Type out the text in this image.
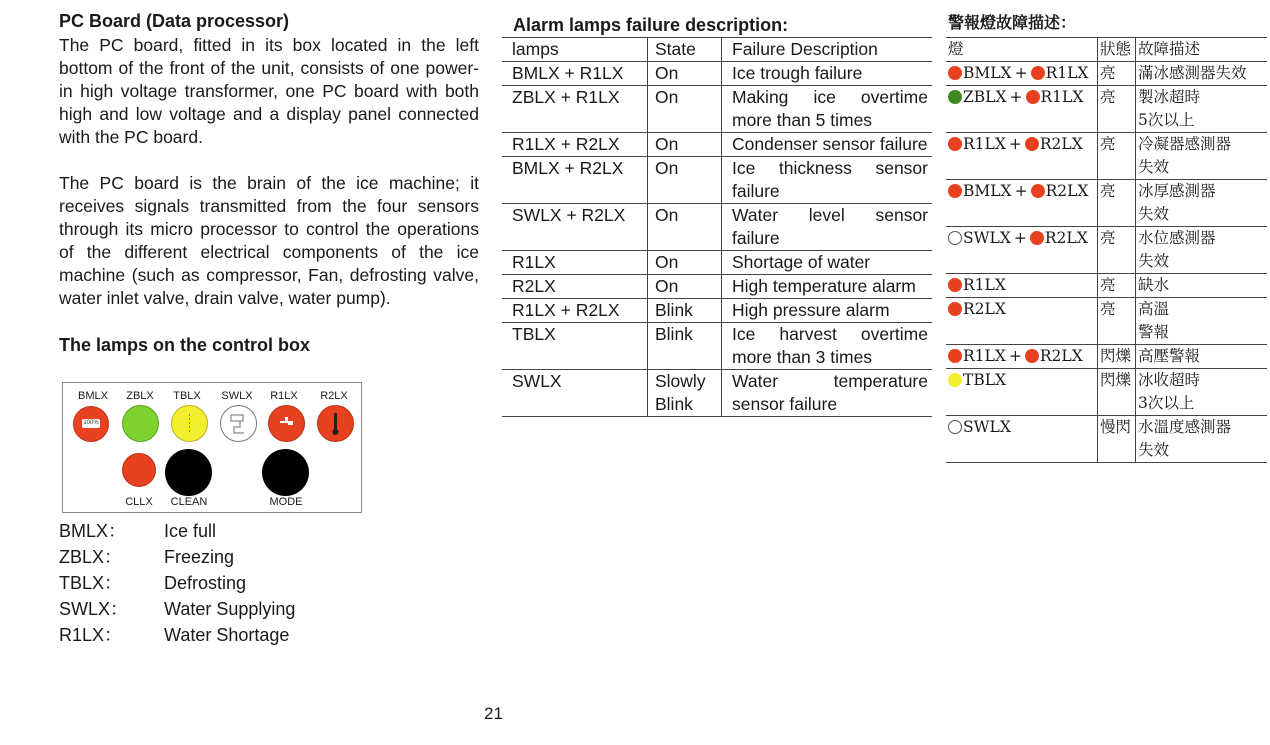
PC Board (Data processor)

The PC board, fitted in its box located in the left bottom of the front of the unit, consists of one power-in high voltage transformer, one PC board with both high and low voltage and a display panel connected with the PC board.

The PC board is the brain of the ice machine; it receives signals transmitted from the four sensors through its micro processor to control the operations of the different electrical components of the ice machine (such as compressor, Fan, defrosting valve, water inlet valve, drain valve, water pump).

The lamps on the control box
BMLX	ZBLX	TBLX	SWLX	R1LX	R2LX
100%
CLLX	CLEAN	MODE
BMLX：	Ice full
ZBLX：	Freezing
TBLX：	Defrosting
SWLX：	Water Supplying
R1LX：	Water Shortage
21
Alarm lamps failure description:
lamps	State	Failure Description
BMLX + R1LX	On	Ice trough failure
ZBLX + R1LX	On	Making ice overtime more than 5 times
R1LX + R2LX	On	Condenser sensor failure
BMLX + R2LX	On	Ice thickness sensor failure
SWLX + R2LX	On	Water level sensor failure
R1LX	On	Shortage of water
R2LX	On	High temperature alarm
R1LX + R2LX	Blink	High pressure alarm
TBLX	Blink	Ice harvest overtime more than 3 times
SWLX	Slowly Blink	Water temperature sensor failure
警報燈故障描述：
燈	狀態	故障描述
BMLX + R1LX	亮	滿冰感測器失效

ZBLX + R1LX	亮	製冰超時
5次以上

R1LX + R2LX	亮	冷凝器感測器
失效

BMLX + R2LX	亮	冰厚感測器
失效

SWLX + R2LX	亮	水位感測器
失效

R1LX	亮	缺水

R2LX	亮	高溫
警報

R1LX + R2LX	閃爍	高壓警報

TBLX	閃爍	冰收超時
3次以上

SWLX	慢閃	水溫度感測器
失效
